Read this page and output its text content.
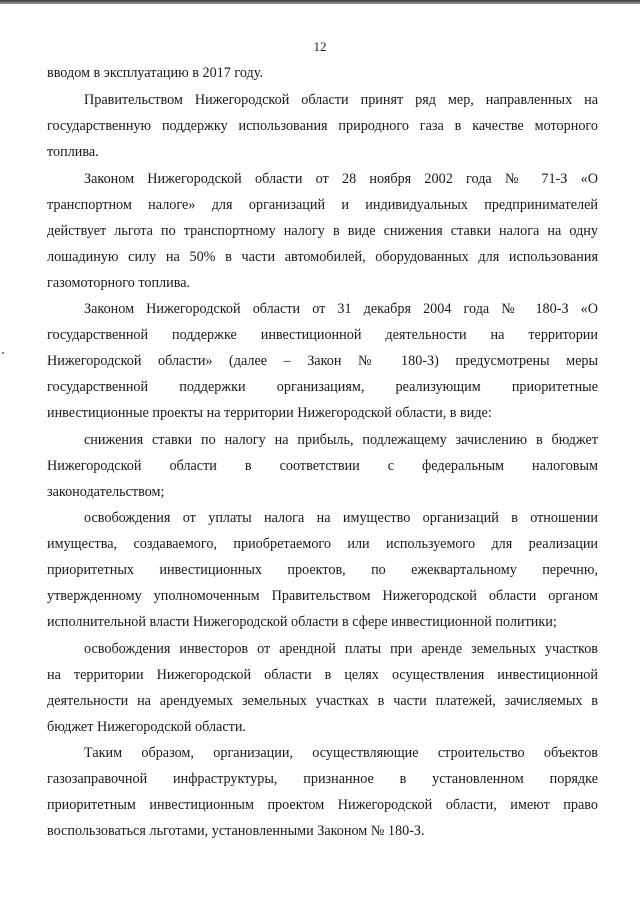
12
вводом в эксплуатацию в 2017 году.
Правительством Нижегородской области принят ряд мер, направленных на
государственную поддержку использования природного газа в качестве моторного
топлива.
Законом Нижегородской области от 28 ноября 2002 года № 71-З «О
транспортном налоге» для организаций и индивидуальных предпринимателей
действует льгота по транспортному налогу в виде снижения ставки налога на одну
лошадиную силу на 50% в части автомобилей, оборудованных для использования
газомоторного топлива.
Законом Нижегородской области от 31 декабря 2004 года № 180-З «О
государственной поддержке инвестиционной деятельности на территории
Нижегородской области» (далее – Закон № 180-З) предусмотрены меры
государственной поддержки организациям, реализующим приоритетные
инвестиционные проекты на территории Нижегородской области, в виде:
снижения ставки по налогу на прибыль, подлежащему зачислению в бюджет
Нижегородской области в соответствии с федеральным налоговым
законодательством;
освобождения от уплаты налога на имущество организаций в отношении
имущества, создаваемого, приобретаемого или используемого для реализации
приоритетных инвестиционных проектов, по ежеквартальному перечню,
утвержденному уполномоченным Правительством Нижегородской области органом
исполнительной власти Нижегородской области в сфере инвестиционной политики;
освобождения инвесторов от арендной платы при аренде земельных участков
на территории Нижегородской области в целях осуществления инвестиционной
деятельности на арендуемых земельных участках в части платежей, зачисляемых в
бюджет Нижегородской области.
Таким образом, организации, осуществляющие строительство объектов
газозаправочной инфраструктуры, признанное в установленном порядке
приоритетным инвестиционным проектом Нижегородской области, имеют право
воспользоваться льготами, установленными Законом № 180-З.
